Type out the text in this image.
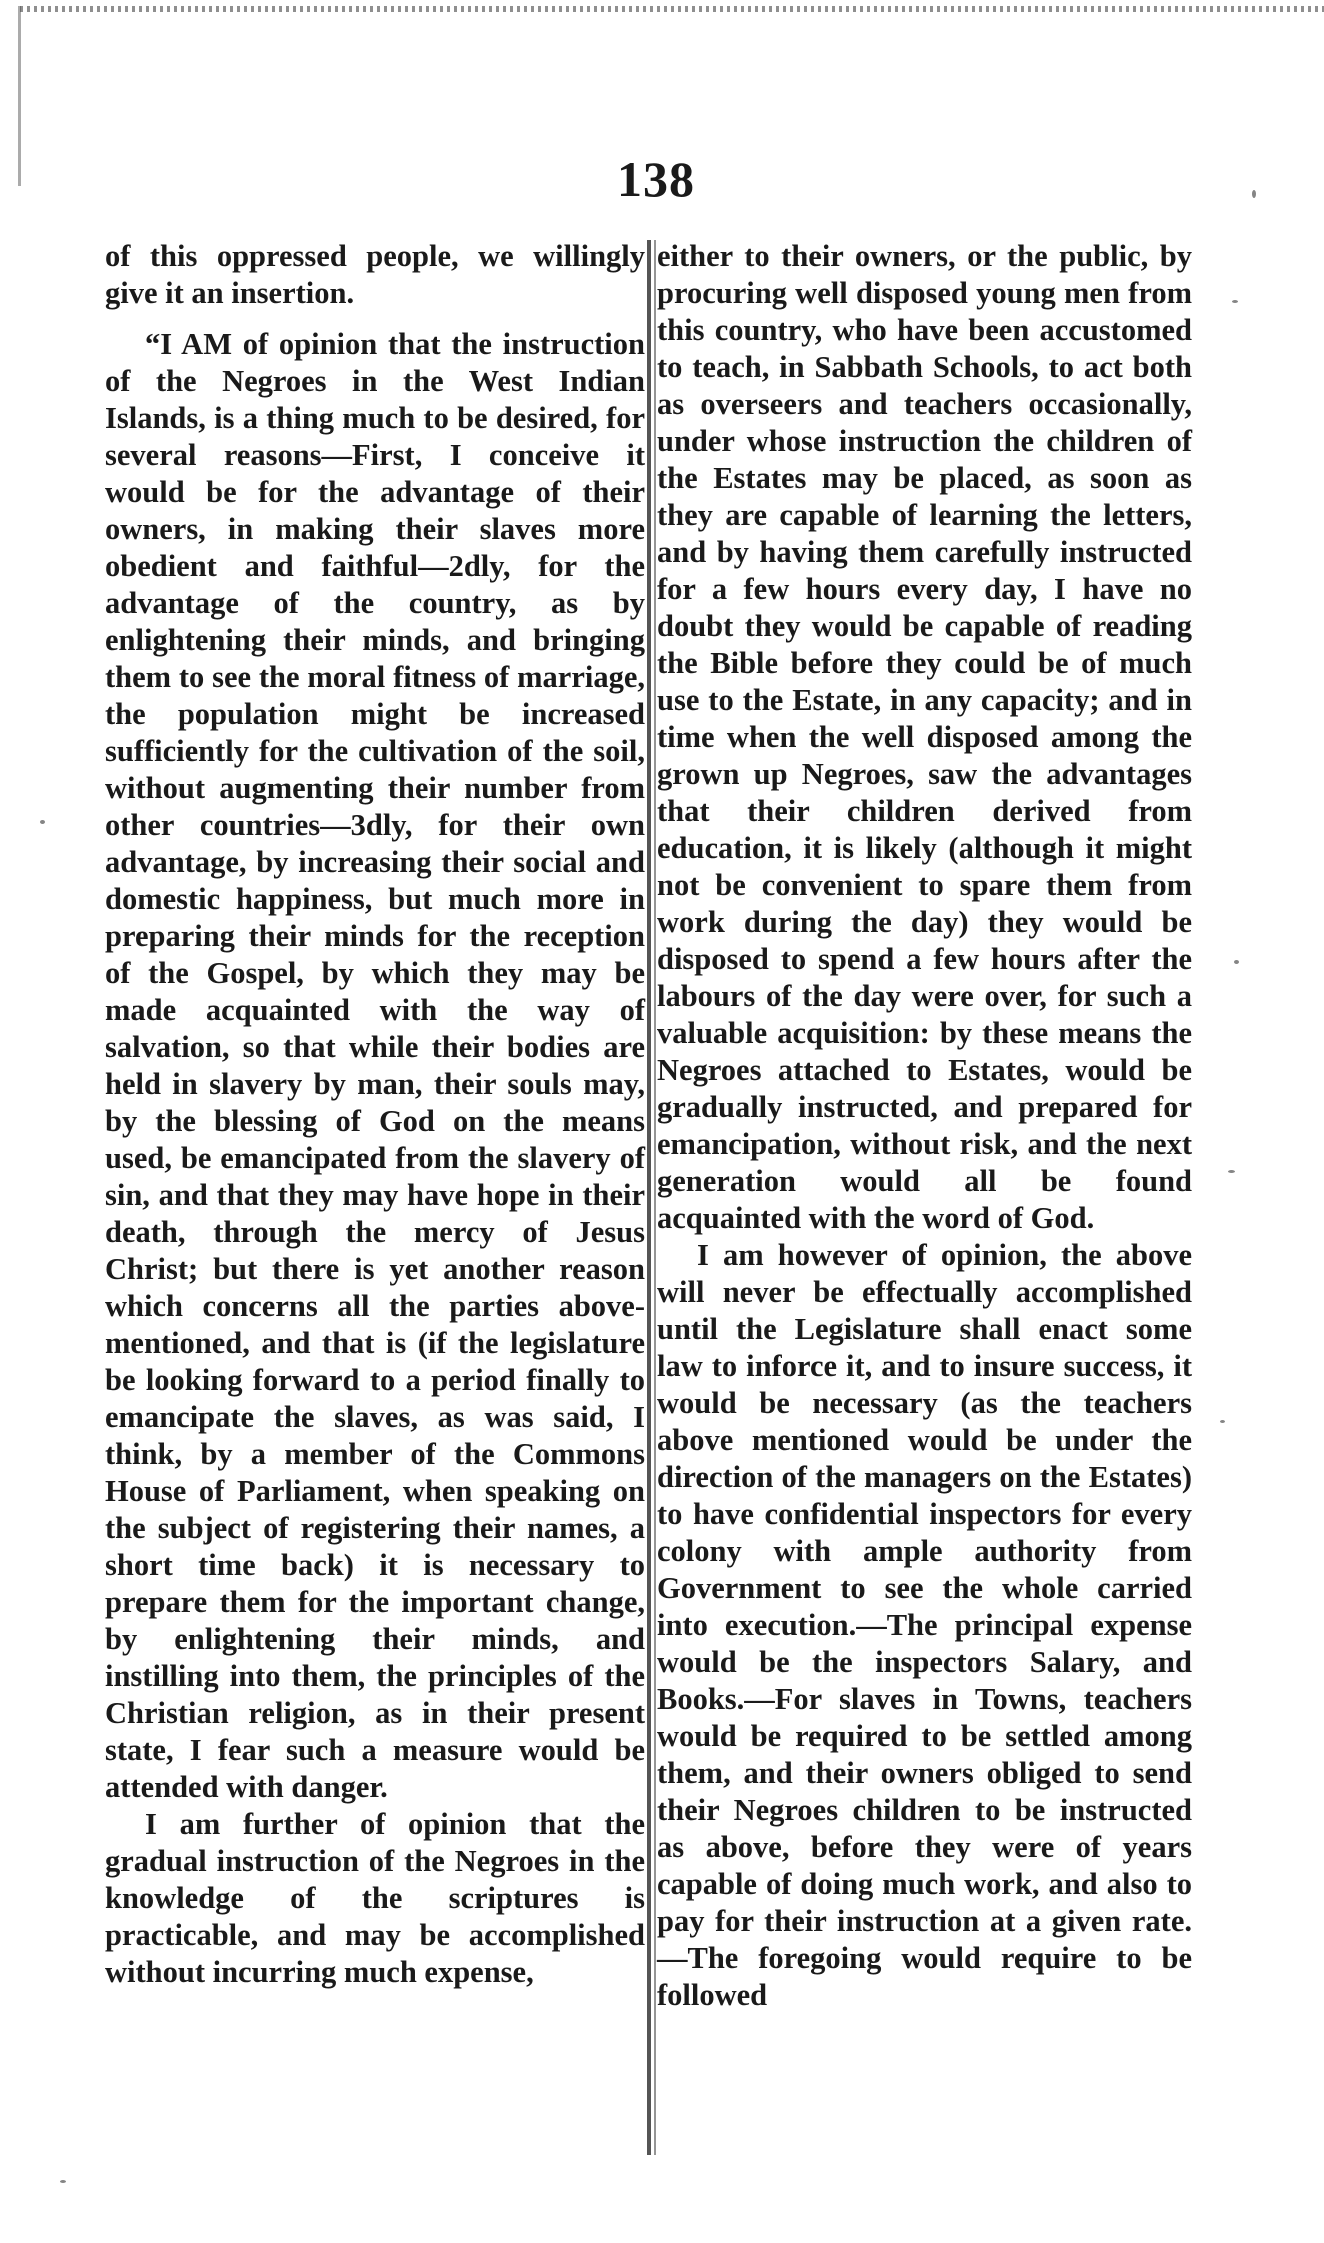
138

of this oppressed people, we willingly give it an insertion.

“I AM of opinion that the instruction of the Negroes in the West Indian Islands, is a thing much to be desired, for several reasons—First, I conceive it would be for the advantage of their owners, in making their slaves more obedient and faithful—2dly, for the advantage of the country, as by enlightening their minds, and bringing them to see the moral fitness of marriage, the population might be increased sufficiently for the cultivation of the soil, without augmenting their number from other countries—3dly, for their own advantage, by increasing their social and domestic happiness, but much more in preparing their minds for the reception of the Gospel, by which they may be made acquainted with the way of salvation, so that while their bodies are held in slavery by man, their souls may, by the blessing of God on the means used, be emancipated from the slavery of sin, and that they may have hope in their death, through the mercy of Jesus Christ; but there is yet another reason which concerns all the parties above-mentioned, and that is (if the legislature be looking forward to a period finally to emancipate the slaves, as was said, I think, by a member of the Commons House of Parliament, when speaking on the subject of registering their names, a short time back) it is necessary to prepare them for the important change, by enlightening their minds, and instilling into them, the principles of the Christian religion, as in their present state, I fear such a measure would be attended with danger.

I am further of opinion that the gradual instruction of the Negroes in the knowledge of the scriptures is practicable, and may be accomplished without incurring much expense,

either to their owners, or the public, by procuring well disposed young men from this country, who have been accustomed to teach, in Sabbath Schools, to act both as overseers and teachers occasionally, under whose instruction the children of the Estates may be placed, as soon as they are capable of learning the letters, and by having them carefully instructed for a few hours every day, I have no doubt they would be capable of reading the Bible before they could be of much use to the Estate, in any capacity; and in time when the well disposed among the grown up Negroes, saw the advantages that their children derived from education, it is likely (although it might not be convenient to spare them from work during the day) they would be disposed to spend a few hours after the labours of the day were over, for such a valuable acquisition: by these means the Negroes attached to Estates, would be gradually instructed, and prepared for emancipation, without risk, and the next generation would all be found acquainted with the word of God.

I am however of opinion, the above will never be effectually accomplished until the Legislature shall enact some law to inforce it, and to insure success, it would be necessary (as the teachers above mentioned would be under the direction of the managers on the Estates) to have confidential inspectors for every colony with ample authority from Government to see the whole carried into execution.—The principal expense would be the inspectors Salary, and Books.—For slaves in Towns, teachers would be required to be settled among them, and their owners obliged to send their Negroes children to be instructed as above, before they were of years capable of doing much work, and also to pay for their instruction at a given rate.—The foregoing would require to be followed
